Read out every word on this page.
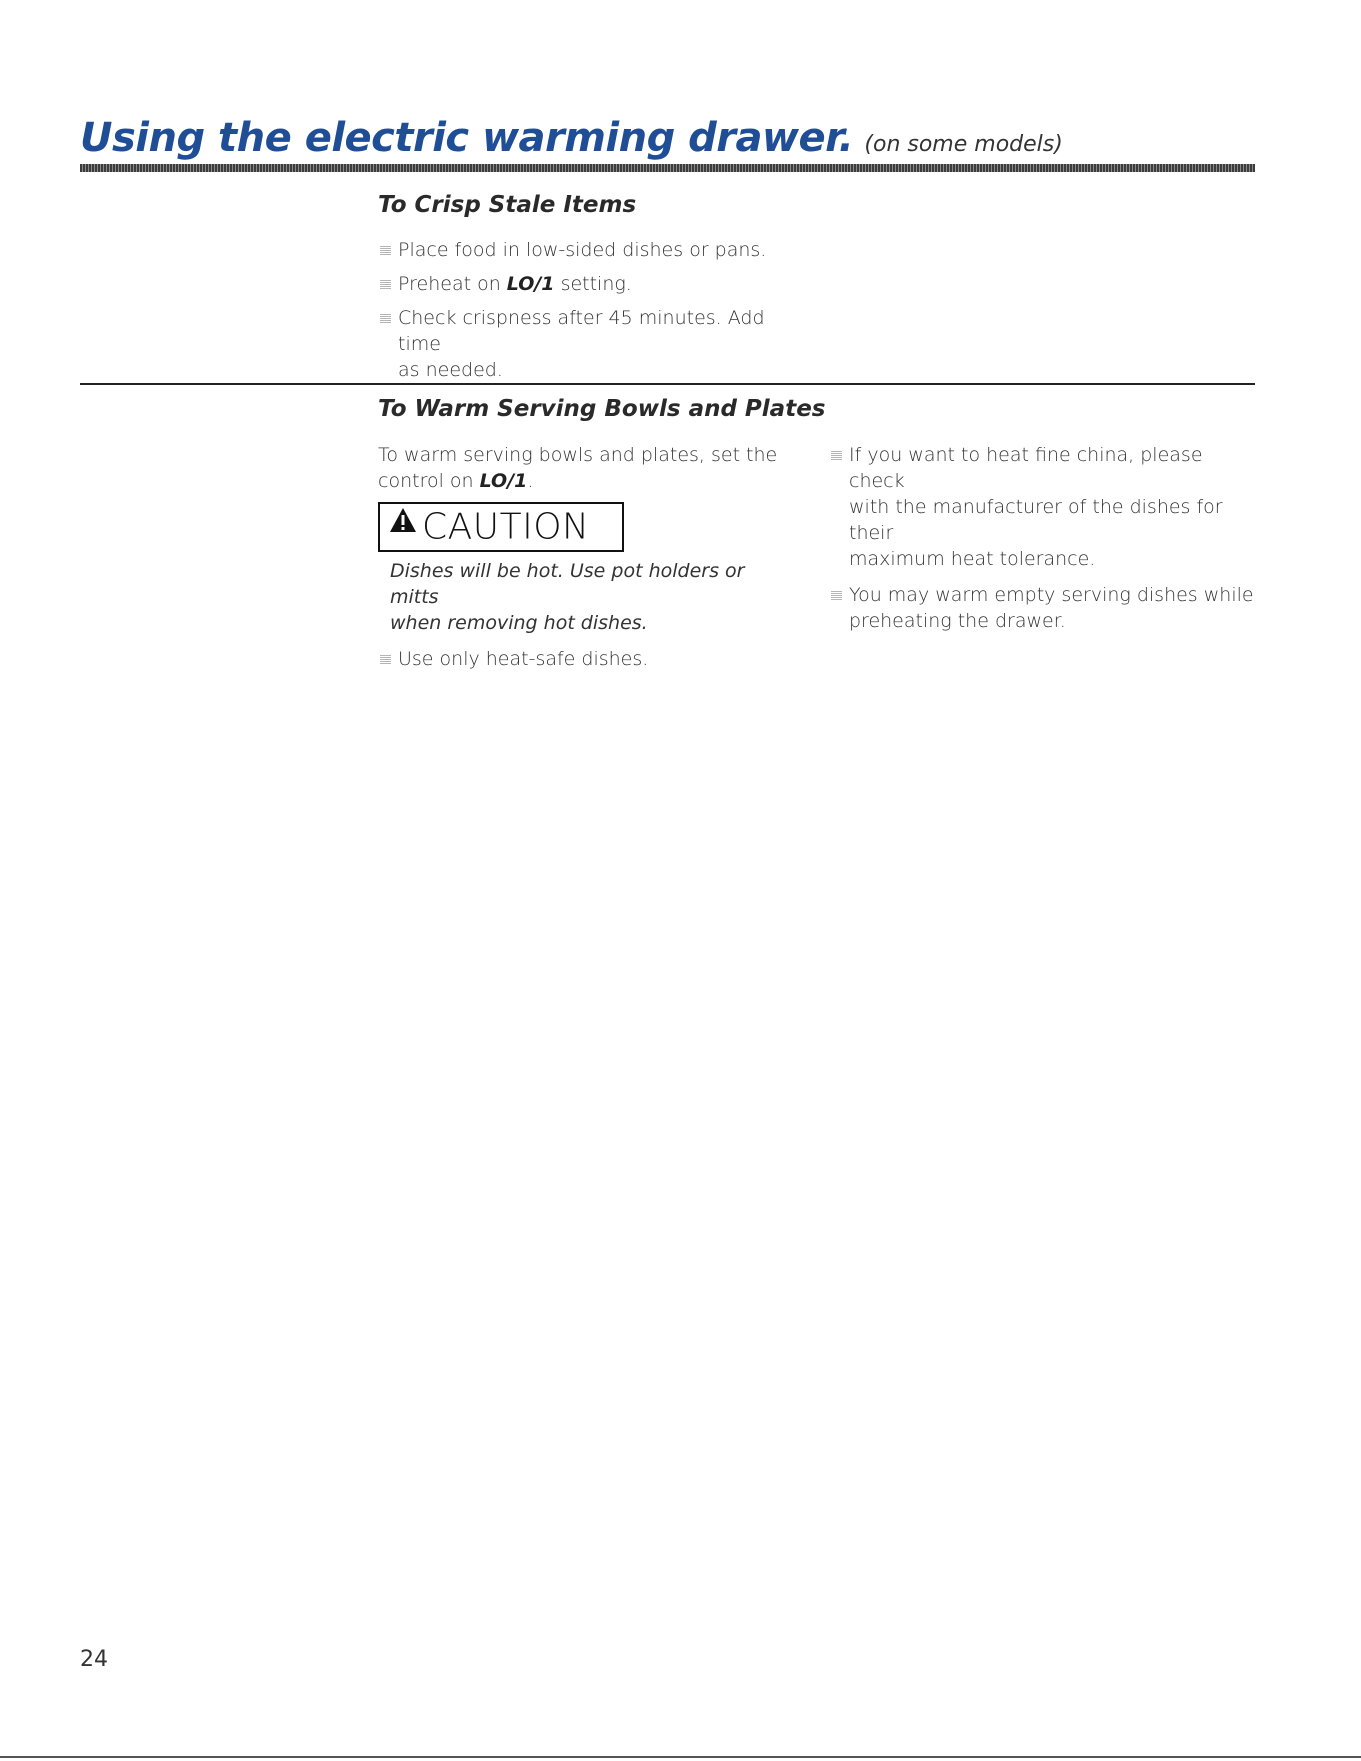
Using the electric warming drawer. (on some models)
To Crisp Stale Items
Place food in low-sided dishes or pans.
Preheat on LO/1 setting.
Check crispness after 45 minutes. Add time
as needed.
To Warm Serving Bowls and Plates
To warm serving bowls and plates, set the
control on LO/1.
CAUTION
Dishes will be hot. Use pot holders or mitts
when removing hot dishes.
Use only heat-safe dishes.
If you want to heat fine china, please check
with the manufacturer of the dishes for their
maximum heat tolerance.
You may warm empty serving dishes while
preheating the drawer.
24
